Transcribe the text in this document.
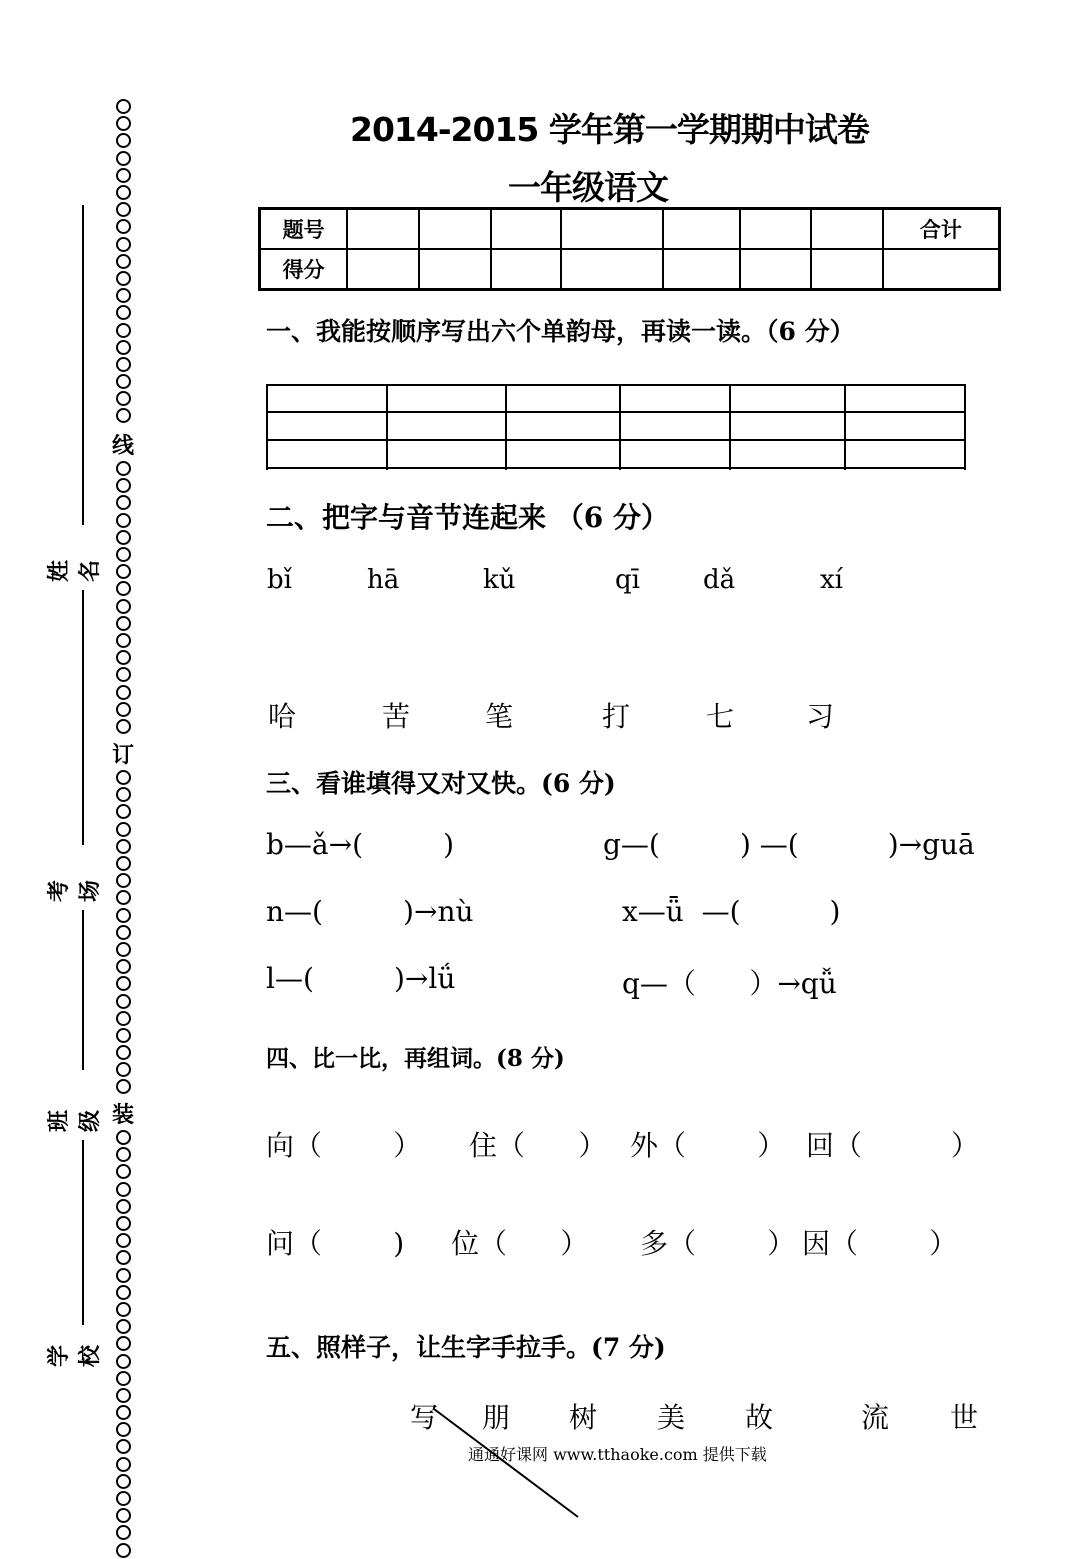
线
订
装
姓名
考场
班级
学校
2014-2015 学年第一学期期中试卷
一年级语文
题号								合计
得分								
一、我能按顺序写出六个单韵母，再读一读。（6 分）
二、把字与音节连起来 （6 分）
bǐ	hā	kǔ	qī dǎ	xí
哈	苦	笔	打	七	习
三、看谁填得又对又快。(6 分)
b—ǎ→(         )	g—(         ) —(          )→guā
n—(         )→nù	x—ǖ  —(          )
l—(         )→lǘ	q—（      ）→qǚ
四、比一比，再组词。(8 分)
向（        ） 住（      ） 外（        ） 回（          ）
问（        ) 位（      ） 多（        ） 因（        ）
五、照样子，让生字手拉手。(7 分)
写 朋 树 美 故	流 世
通通好课网 www.tthaoke.com 提供下载
